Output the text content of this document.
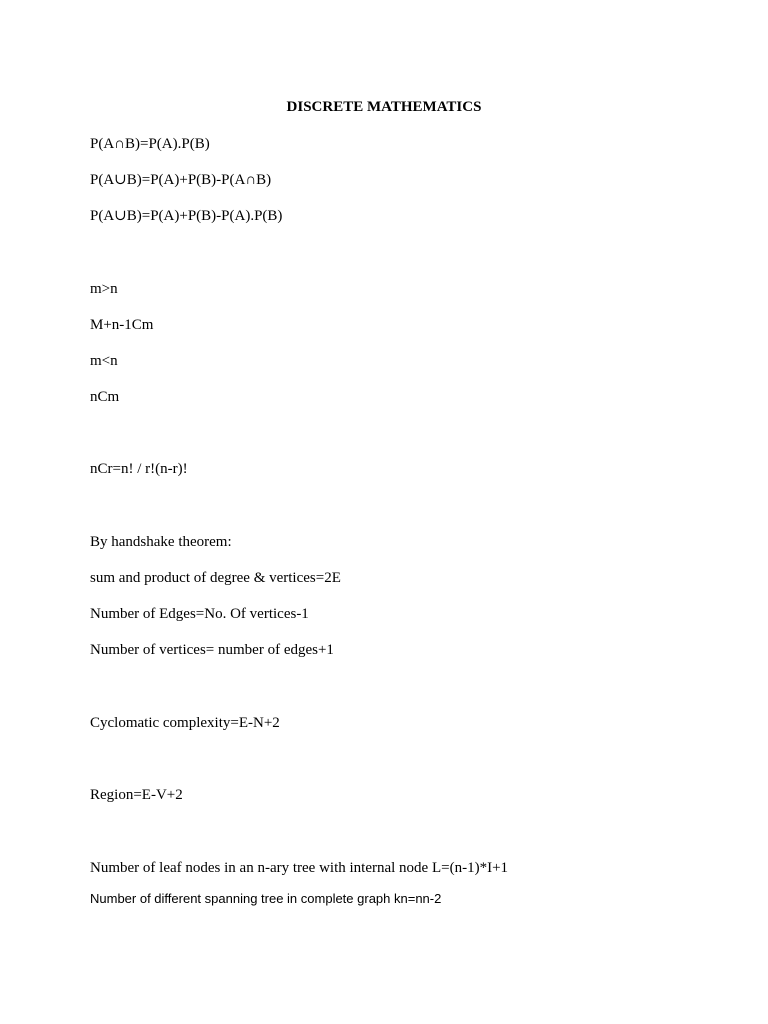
DISCRETE MATHEMATICS
P(A∩B)=P(A).P(B)
P(A∪B)=P(A)+P(B)-P(A∩B)
P(A∪B)=P(A)+P(B)-P(A).P(B)
m>n
M+n-1Cm
m<n
nCm
nCr=n! / r!(n-r)!
By handshake theorem:
sum and product of degree & vertices=2E
Number of Edges=No. Of vertices-1
Number of vertices= number of edges+1
Cyclomatic complexity=E-N+2
Region=E-V+2
Number of leaf nodes in an n-ary tree with internal node L=(n-1)*I+1
Number of different spanning tree in complete graph kn=nn-2
